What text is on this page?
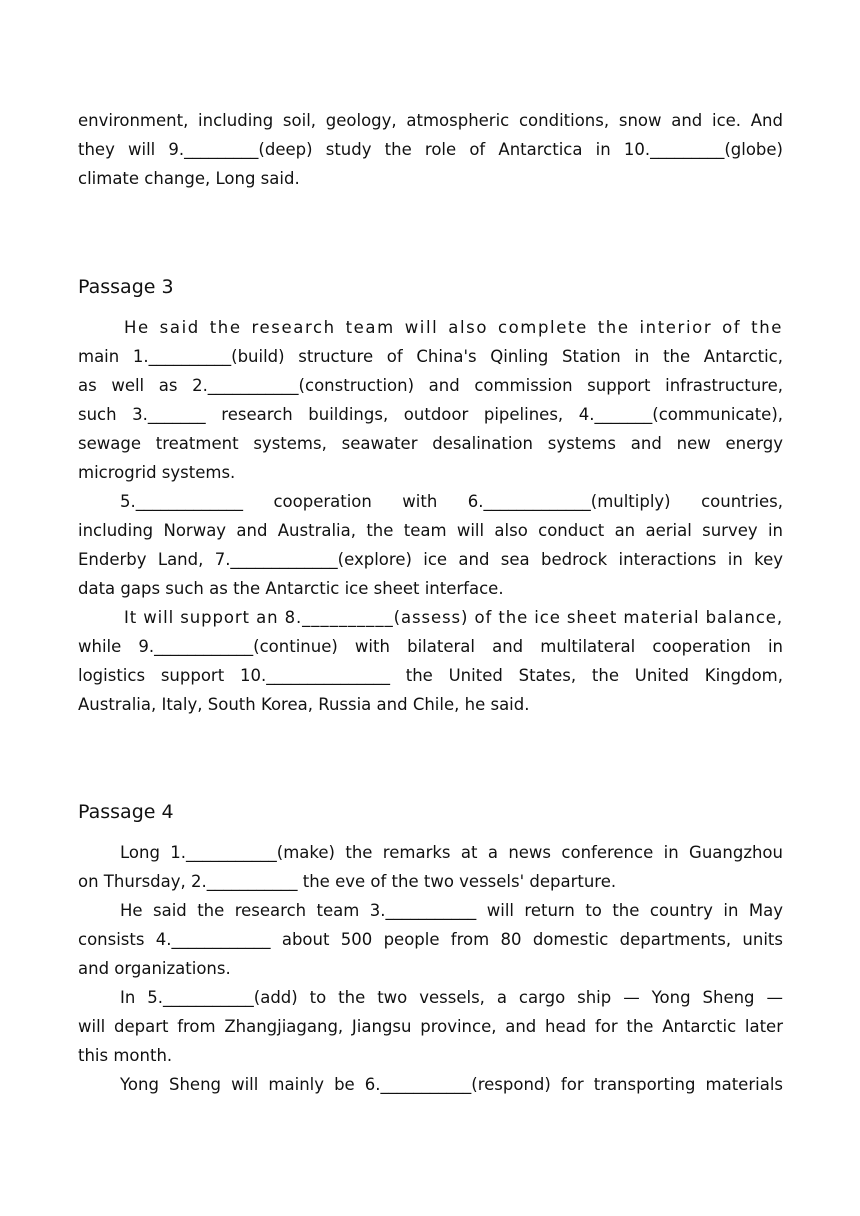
environment, including soil, geology, atmospheric conditions, snow and ice. And
they will 9._________(deep) study the role of Antarctica in 10._________(globe)
climate change, Long said.
Passage 3
He said the research team will also complete the interior of the
main 1.__________(build) structure of China's Qinling Station in the Antarctic,
as well as 2.___________(construction) and commission support infrastructure,
such 3._______ research buildings, outdoor pipelines, 4._______(communicate),
sewage treatment systems, seawater desalination systems and new energy
microgrid systems.
5._____________ cooperation with 6._____________(multiply) countries,
including Norway and Australia, the team will also conduct an aerial survey in
Enderby Land, 7._____________(explore) ice and sea bedrock interactions in key
data gaps such as the Antarctic ice sheet interface.
It will support an 8.__________(assess) of the ice sheet material balance,
while 9.____________(continue) with bilateral and multilateral cooperation in
logistics support 10._______________ the United States, the United Kingdom,
Australia, Italy, South Korea, Russia and Chile, he said.
Passage 4
Long 1.___________(make) the remarks at a news conference in Guangzhou
on Thursday, 2.___________ the eve of the two vessels' departure.
He said the research team 3.___________ will return to the country in May
consists 4.____________ about 500 people from 80 domestic departments, units
and organizations.
In 5.___________(add) to the two vessels, a cargo ship — Yong Sheng —
will depart from Zhangjiagang, Jiangsu province, and head for the Antarctic later
this month.
Yong Sheng will mainly be 6.___________(respond) for transporting materials
